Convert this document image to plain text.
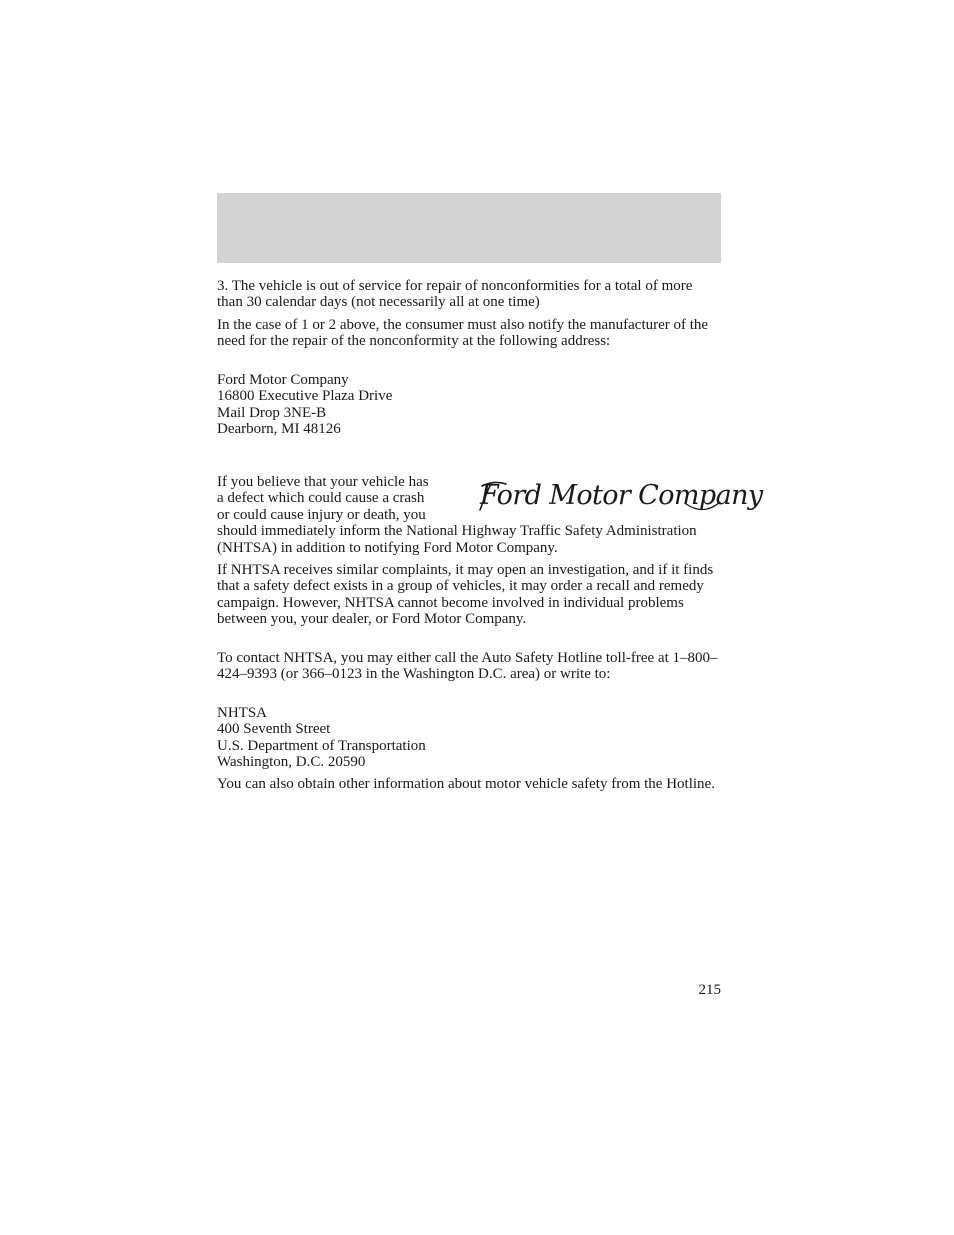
3. The vehicle is out of service for repair of nonconformities for a total of more than 30 calendar days (not necessarily all at one time)

In the case of 1 or 2 above, the consumer must also notify the manufacturer of the need for the repair of the nonconformity at the following address:

Ford Motor Company
16800 Executive Plaza Drive
Mail Drop 3NE-B
Dearborn, MI 48126
If you believe that your vehicle has
a defect which could cause a crash
or could cause injury or death, you
should immediately inform the National Highway Traffic Safety Administration (NHTSA) in addition to notifying Ford Motor Company.
Ford Motor Company

If NHTSA receives similar complaints, it may open an investigation, and if it finds that a safety defect exists in a group of vehicles, it may order a recall and remedy campaign. However, NHTSA cannot become involved in individual problems between you, your dealer, or Ford Motor Company.

To contact NHTSA, you may either call the Auto Safety Hotline toll-free at 1–800–424–9393 (or 366–0123 in the Washington D.C. area) or write to:

NHTSA
400 Seventh Street
U.S. Department of Transportation
Washington, D.C. 20590

You can also obtain other information about motor vehicle safety from the Hotline.

215
